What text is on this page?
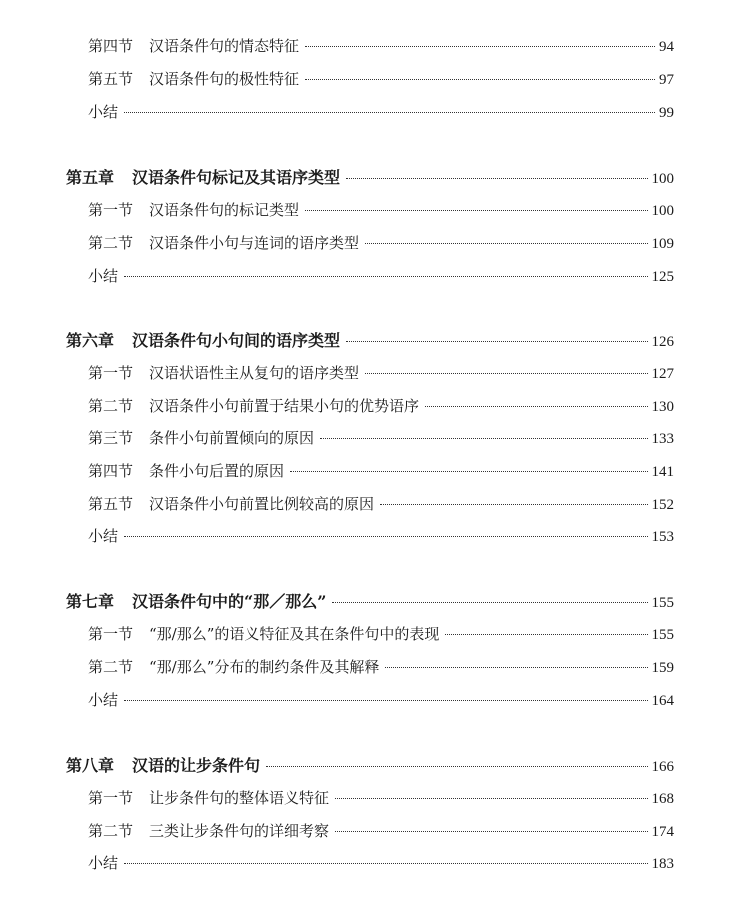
第四节 汉语条件句的情态特征	94
第五节 汉语条件句的极性特征	97
小结	99
第五章 汉语条件句标记及其语序类型	100
第一节 汉语条件句的标记类型	100
第二节 汉语条件小句与连词的语序类型	109
小结	125
第六章 汉语条件句小句间的语序类型	126
第一节 汉语状语性主从复句的语序类型	127
第二节 汉语条件小句前置于结果小句的优势语序	130
第三节 条件小句前置倾向的原因	133
第四节 条件小句后置的原因	141
第五节 汉语条件小句前置比例较高的原因	152
小结	153
第七章 汉语条件句中的“那／那么”	155
第一节 “那/那么”的语义特征及其在条件句中的表现	155
第二节 “那/那么”分布的制约条件及其解释	159
小结	164
第八章 汉语的让步条件句	166
第一节 让步条件句的整体语义特征	168
第二节 三类让步条件句的详细考察	174
小结	183
